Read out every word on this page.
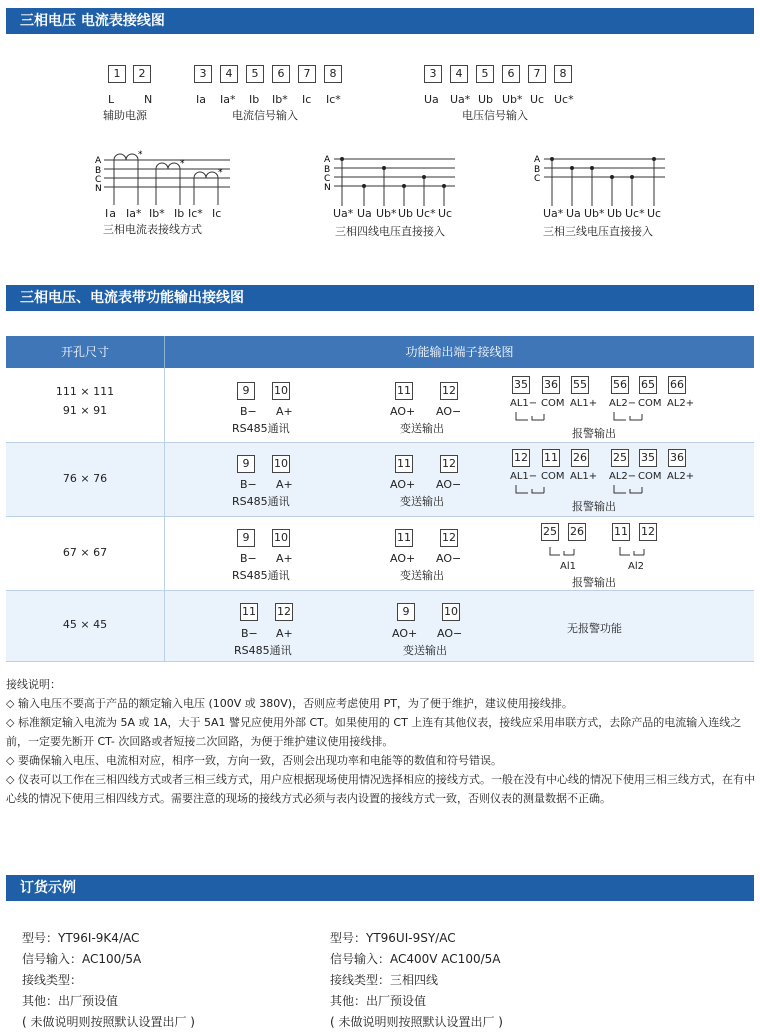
三相电压 电流表接线图
1	2
L	N
辅助电源
3	4	5	6	7	8
Ia Ia* Ib Ib* Ic Ic*
电流信号输入
3	4	5	6	7	8
Ua Ua* Ub Ub* Uc Uc*
电压信号输入
A
B
C
N
*
*
*
Ia Ia* Ib* Ib Ic* Ic
三相电流表接线方式
A
B
C
N
Ua* Ua Ub* Ub Uc* Uc
三相四线电压直接接入
A
B
C
Ua* Ua Ub* Ub Uc* Uc
三相三线电压直接接入
三相电压、电流表带功能输出接线图
开孔尺寸	功能输出端子接线图
111 × 111
91 × 91
9	10
B− A+
RS485通讯
11	12
AO+ AO−
变送输出
35 36 55 56 65 66
AL1− COM AL1+ AL2− COM AL2+
报警输出
76 × 76
9	10
B− A+
RS485通讯
11	12
AO+ AO−
变送输出
12 11 26 25 35 36
AL1− COM AL1+ AL2− COM AL2+
报警输出
67 × 67
9	10
B− A+
RS485通讯
11	12
AO+ AO−
变送输出
25 26	11 12
Al1	Al2
报警输出
45 × 45
11 12
B− A+
RS485通讯
9	10
AO+ AO−
变送输出
无报警功能

接线说明：

◇ 输入电压不要高于产品的额定输入电压 (100V 或 380V)，否则应考虑使用 PT，为了便于维护，建议使用接线排。

◇ 标准额定输入电流为 5A 或 1A，大于 5A1 譬兄应使用外部 CT。如果使用的 CT 上连有其他仪表，接线应采用串联方式，去除产品的电流输入连线之前，一定要先断开 CT- 次回路或者短接二次回路，为便于维护建议使用接线排。

◇ 要确保输入电压、电流相对应，相序一致，方向一致，否则会出现功率和电能等的数值和符号错误。

◇ 仪表可以工作在三相四线方式或者三相三线方式，用户应根据现场使用情况选择相应的接线方式。一般在没有中心线的情况下使用三相三线方式，在有中心线的情况下使用三相四线方式。需要注意的现场的接线方式必须与表内设置的接线方式一致，否则仪表的测量数据不正确。

订货示例
型号：YT96I-9K4/AC
信号输入：AC100/5A
接线类型：
其他：出厂预设值
( 未做说明则按照默认设置出厂 )
型号：YT96UI-9SY/AC
信号输入：AC400V AC100/5A
接线类型：三相四线
其他：出厂预设值
( 未做说明则按照默认设置出厂 )
